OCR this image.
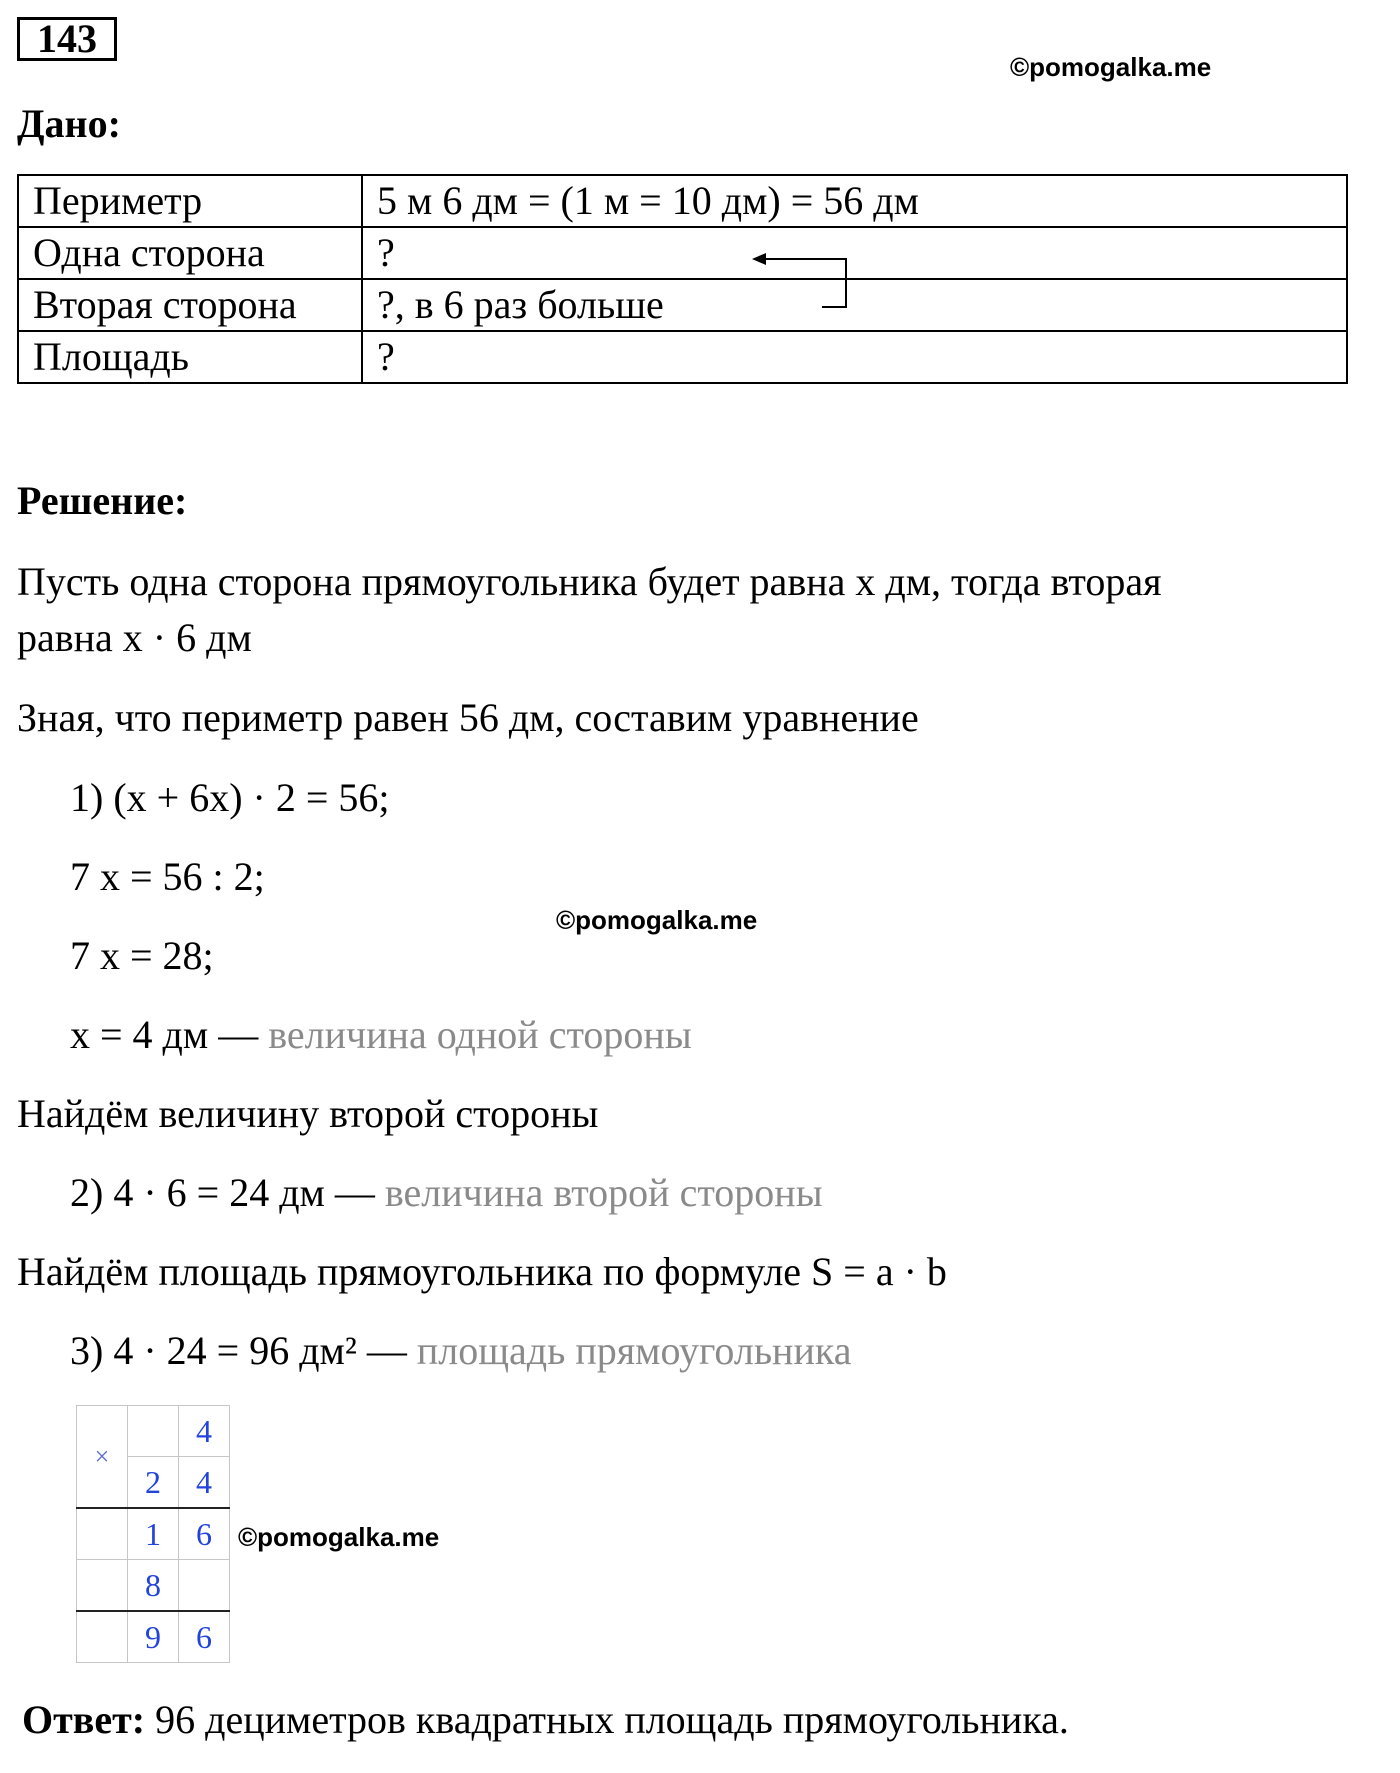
143
©pomogalka.me
Дано:
Периметр	5 м 6 дм = (1 м = 10 дм) = 56 дм
Одна сторона	?
Вторая сторона	?, в 6 раз больше
Площадь	?
Решение:
Пусть одна сторона прямоугольника будет равна x дм, тогда вторая
равна x · 6 дм
Зная, что периметр равен 56 дм, составим уравнение
1) (x + 6x) · 2 = 56;
7 x = 56 : 2;
©pomogalka.me
7 x = 28;
x = 4 дм — величина одной стороны
Найдём величину второй стороны
2) 4 · 6 = 24 дм — величина второй стороны
Найдём площадь прямоугольника по формуле S = a · b
3) 4 · 24 = 96 дм² — площадь прямоугольника
×		4
	2	4
	1	6
	8	
	9	6
©pomogalka.me
Ответ: 96 дециметров квадратных площадь прямоугольника.
